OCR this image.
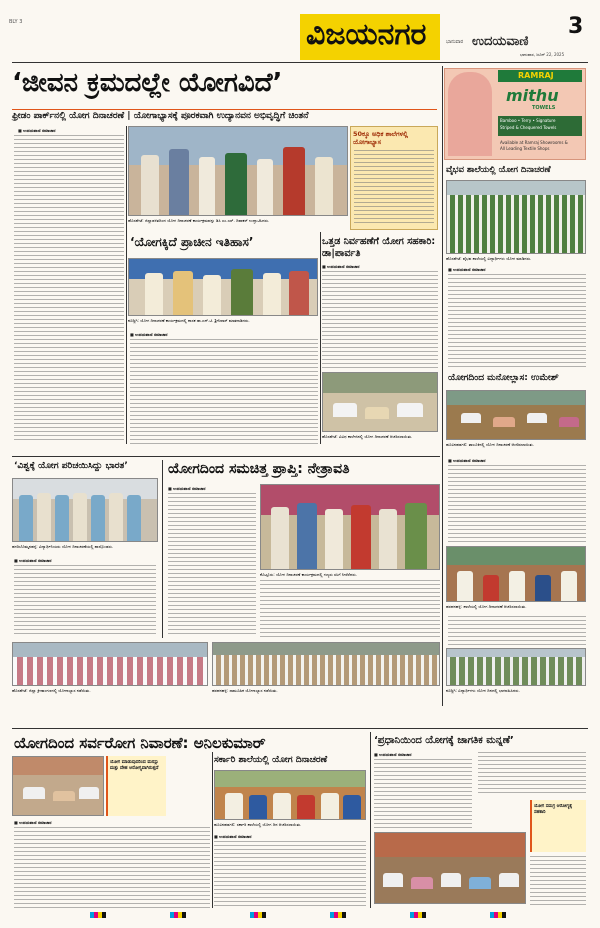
BLY 3	ವಿಜಯನಗರ	3
ಭಾನುವಾರ ಉದಯವಾಣಿ
ಭಾನುವಾರ, ಜೂನ್ 22, 2025
‘ಜೀವನ ಕ್ರಮದಲ್ಲೇ ಯೋಗವಿದೆ’
ಫ್ರೀಡಂ ಪಾರ್ಕ್‌ನಲ್ಲಿ ಯೋಗ ದಿನಾಚರಣೆ | ಯೋಗಾಭ್ಯಾಸಕ್ಕೆ ಪೂರಕವಾಗಿ ಉದ್ಯಾನವನ ಅಭಿವೃದ್ಧಿಗೆ ಚಿಂತನೆ
■ ಉದಯವಾಣಿ ಸಮಾಚಾರ
ಹೊಸಪೇಟೆ: ಜಿಲ್ಲಾಡಳಿತದಿಂದ ಯೋಗ ದಿನಾಚರಣೆ ಕಾರ್ಯಕ್ರಮವನ್ನು ಡಿಸಿ ಎಂ.ಎಸ್. ದಿವಾಕರ್ ಉದ್ಘಾಟಿಸಿದರು.
50ಕ್ಕೂ ಅಧಿಕ ಶಾಲೆಗಳಲ್ಲಿ ಯೋಗಾಭ್ಯಾಸ
‘ಯೋಗಕ್ಕಿದೆ ಪ್ರಾಚೀನ ಇತಿಹಾಸ’
ಕೂಡ್ಲಿಗಿ: ಯೋಗ ದಿನಾಚರಣೆ ಕಾರ್ಯಕ್ರಮದಲ್ಲಿ ಶಾಸಕ ಡಾ.ಎನ್.ಟಿ. ಶ್ರೀನಿವಾಸ್ ಮಾತನಾಡಿದರು.
■ ಉದಯವಾಣಿ ಸಮಾಚಾರ
ಒತ್ತಡ ನಿರ್ವಹಣೆಗೆ ಯೋಗ ಸಹಕಾರಿ: ಡಾ|ಪಾರ್ವತಿ
■ ಉದಯವಾಣಿ ಸಮಾಚಾರ
ಹೊಸಪೇಟೆ: ವಿವಿಧ ಕಾಲೇಜಿನಲ್ಲಿ ಯೋಗ ದಿನಾಚರಣೆ ಆಚರಿಸಲಾಯಿತು.
RAMRAJ
mithu
TOWELS
Bamboo • Terry • Signature
Striped & Chequered Towels
Available at Ramraj Showrooms &
All Leading Textile Shops
ವೈಭವ ಶಾಲೆಯಲ್ಲಿ ಯೋಗ ದಿನಾಚರಣೆ
ಹೊಸಪೇಟೆ: ವೈಭವ ಶಾಲೆಯಲ್ಲಿ ವಿದ್ಯಾರ್ಥಿಗಳು ಯೋಗ ಮಾಡಿದರು.
■ ಉದಯವಾಣಿ ಸಮಾಚಾರ
ಯೋಗದಿಂದ ಮನೋಲ್ಲಾಸ: ಉಮೇಶ್
ಹೂವಿನಹಡಗಲಿ: ತಾಲೂಕಿನಲ್ಲಿ ಯೋಗ ದಿನಾಚರಣೆ ಆಚರಿಸಲಾಯಿತು.
■ ಉದಯವಾಣಿ ಸಮಾಚಾರ
ಹರಪನಹಳ್ಳಿ: ಶಾಲೆಯಲ್ಲಿ ಯೋಗ ದಿನಾಚರಣೆ ಆಚರಿಸಲಾಯಿತು.
ಕೂಡ್ಲಿಗಿ: ವಿದ್ಯಾರ್ಥಿಗಳು ಯೋಗ ದಿನದಲ್ಲಿ ಭಾಗವಹಿಸಿದರು.
‘ವಿಶ್ವಕ್ಕೆ ಯೋಗ ಪರಿಚಯಿಸಿದ್ದು ಭಾರತ’
ಹಗರಿಬೊಮ್ಮನಹಳ್ಳಿ: ವಿದ್ಯಾರ್ಥಿನಿಯರು ಯೋಗ ದಿನಾಚರಣೆಯಲ್ಲಿ ಪಾಲ್ಗೊಂಡರು.
■ ಉದಯವಾಣಿ ಸಮಾಚಾರ
ಯೋಗದಿಂದ ಸಮಚಿತ್ತ ಪ್ರಾಪ್ತಿ: ನೇತ್ರಾವತಿ
■ ಉದಯವಾಣಿ ಸಮಾಚಾರ
ಕೊಟ್ಟೂರು: ಯೋಗ ದಿನಾಚರಣೆ ಕಾರ್ಯಕ್ರಮದಲ್ಲಿ ಗಣ್ಯರು ಸಸಿಗೆ ನೀರೆರೆದರು.
ಹೊಸಪೇಟೆ: ಜಿಲ್ಲಾ ಕ್ರೀಡಾಂಗಣದಲ್ಲಿ ಯೋಗಾಭ್ಯಾಸ ನಡೆಯಿತು.	ಹರಪನಹಳ್ಳಿ: ಸಾಮೂಹಿಕ ಯೋಗಾಭ್ಯಾಸ ನಡೆಯಿತು.
ಯೋಗದಿಂದ ಸರ್ವರೋಗ ನಿವಾರಣೆ: ಅನಿಲಕುಮಾರ್
ಯೋಗ ಮಾಡುವುದರಿಂದ ಮನಸ್ಸು ಮತ್ತು ದೇಹ ಆರೋಗ್ಯವಾಗಿರುತ್ತದೆ
■ ಉದಯವಾಣಿ ಸಮಾಚಾರ
ಸರ್ಕಾರಿ ಶಾಲೆಯಲ್ಲಿ ಯೋಗ ದಿನಾಚರಣೆ
ಹೂವಿನಹಡಗಲಿ: ಸರ್ಕಾರಿ ಶಾಲೆಯಲ್ಲಿ ಯೋಗ ದಿನ ಆಚರಿಸಲಾಯಿತು.
■ ಉದಯವಾಣಿ ಸಮಾಚಾರ
‘ಪ್ರಧಾನಿಯಿಂದ ಯೋಗಕ್ಕೆ ಜಾಗತಿಕ ಮನ್ನಣೆ’
■ ಉದಯವಾಣಿ ಸಮಾಚಾರ
ಯೋಗ ಸಮಗ್ರ ಆರೋಗ್ಯಕ್ಕೆ ಸಹಕಾರಿ
